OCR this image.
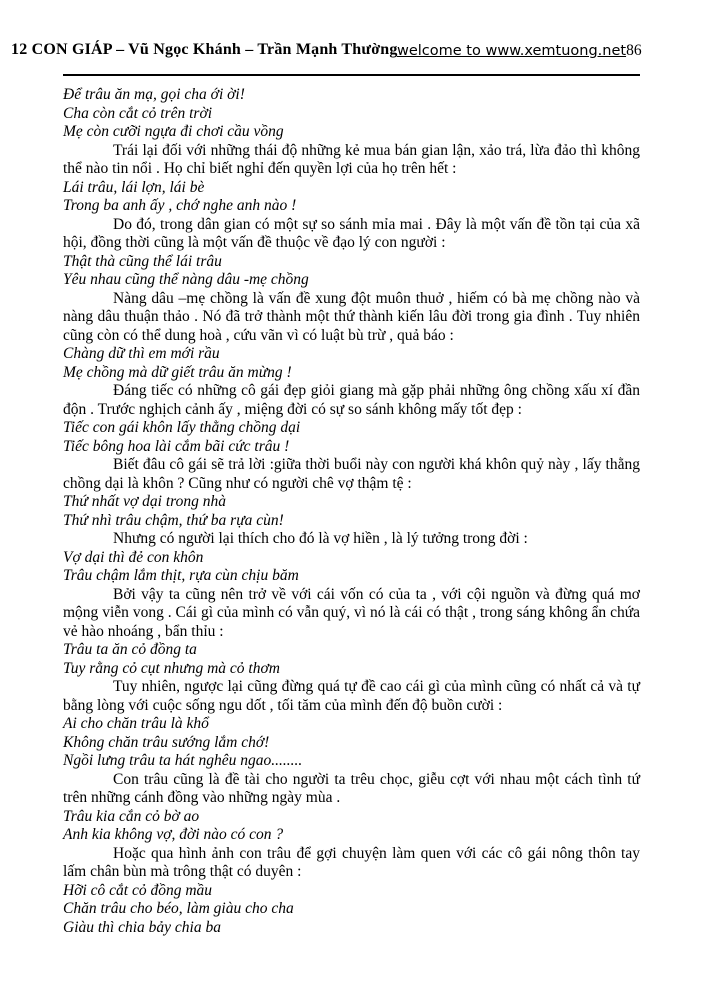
12 CON GIÁP – Vũ Ngọc Khánh – Trần Mạnh Thường welcome to www.xemtuong.net86

Để trâu ăn mạ, gọi cha ới ời!

Cha còn cắt cỏ trên trời

Mẹ còn cưỡi ngựa đi chơi cầu vồng

Trái lại đối với những thái độ những kẻ mua bán gian lận, xảo trá, lừa đảo thì không thể nào tin nổi . Họ chỉ biết nghỉ đến quyền lợi của họ trên hết :

Lái trâu, lái lợn, lái bè

Trong ba anh ấy , chớ nghe anh nào !

Do đó, trong dân gian có một sự so sánh mỉa mai . Đây là một vấn đề tồn tại của xã hội, đồng thời cũng là một vấn đề thuộc về đạo lý con người :

Thật thà cũng thể lái trâu

Yêu nhau cũng thể nàng dâu -mẹ chồng

Nàng dâu –mẹ chồng là vấn đề xung đột muôn thuở , hiếm có bà mẹ chồng nào và nàng dâu thuận thảo . Nó đã trở thành một thứ thành kiến lâu đời trong gia đình . Tuy nhiên cũng còn có thể dung hoà , cứu vãn vì có luật bù trừ , quả báo :

Chàng dữ thì em mới rầu

Mẹ chồng mà dữ giết trâu ăn mừng !

Đáng tiếc có những cô gái đẹp giỏi giang mà gặp phải những ông chồng xấu xí đần độn . Trước nghịch cảnh ấy , miệng đời có sự so sánh không mấy tốt đẹp :

Tiếc con gái khôn lấy thằng chồng dại

Tiếc bông hoa lài cắm bãi cức trâu !

Biết đâu cô gái sẽ trả lời :giữa thời buổi này con người khá khôn quỷ này , lấy thằng chồng dại là khôn ? Cũng như có người chê vợ thậm tệ :

Thứ nhất vợ dại trong nhà

Thứ nhì trâu chậm, thứ ba rựa cùn!

Nhưng có người lại thích cho đó là vợ hiền , là lý tưởng trong đời :

Vợ dại thì đẻ con khôn

Trâu chậm lắm thịt, rựa cùn chịu băm

Bởi vậy ta cũng nên trở về với cái vốn có của ta , với cội nguồn và đừng quá mơ mộng viễn vong . Cái gì của mình có vẫn quý, vì nó là cái có thật , trong sáng không ẩn chứa vẻ hào nhoáng , bẩn thỉu :

Trâu ta ăn cỏ đồng ta

Tuy rằng cỏ cụt nhưng mà cỏ thơm

Tuy nhiên, ngược lại cũng đừng quá tự đề cao cái gì của mình cũng có nhất cả và tự bằng lòng với cuộc sống ngu dốt , tối tăm của mình đến độ buồn cười :

Ai cho chăn trâu là khổ

Không chăn trâu sướng lắm chớ!

Ngồi lưng trâu ta hát nghêu ngao........

Con trâu cũng là đề tài cho người ta trêu chọc, giễu cợt với nhau một cách tình tứ trên những cánh đồng vào những ngày mùa .

Trâu kia cắn cỏ bờ ao

Anh kia không vợ, đời nào có con ?

Hoặc qua hình ảnh con trâu để gợi chuyện làm quen với các cô gái nông thôn tay lấm chân bùn mà trông thật có duyên :

Hỡi cô cắt cỏ đồng mầu

Chăn trâu cho béo, làm giàu cho cha

Giàu thì chia bảy chia ba
